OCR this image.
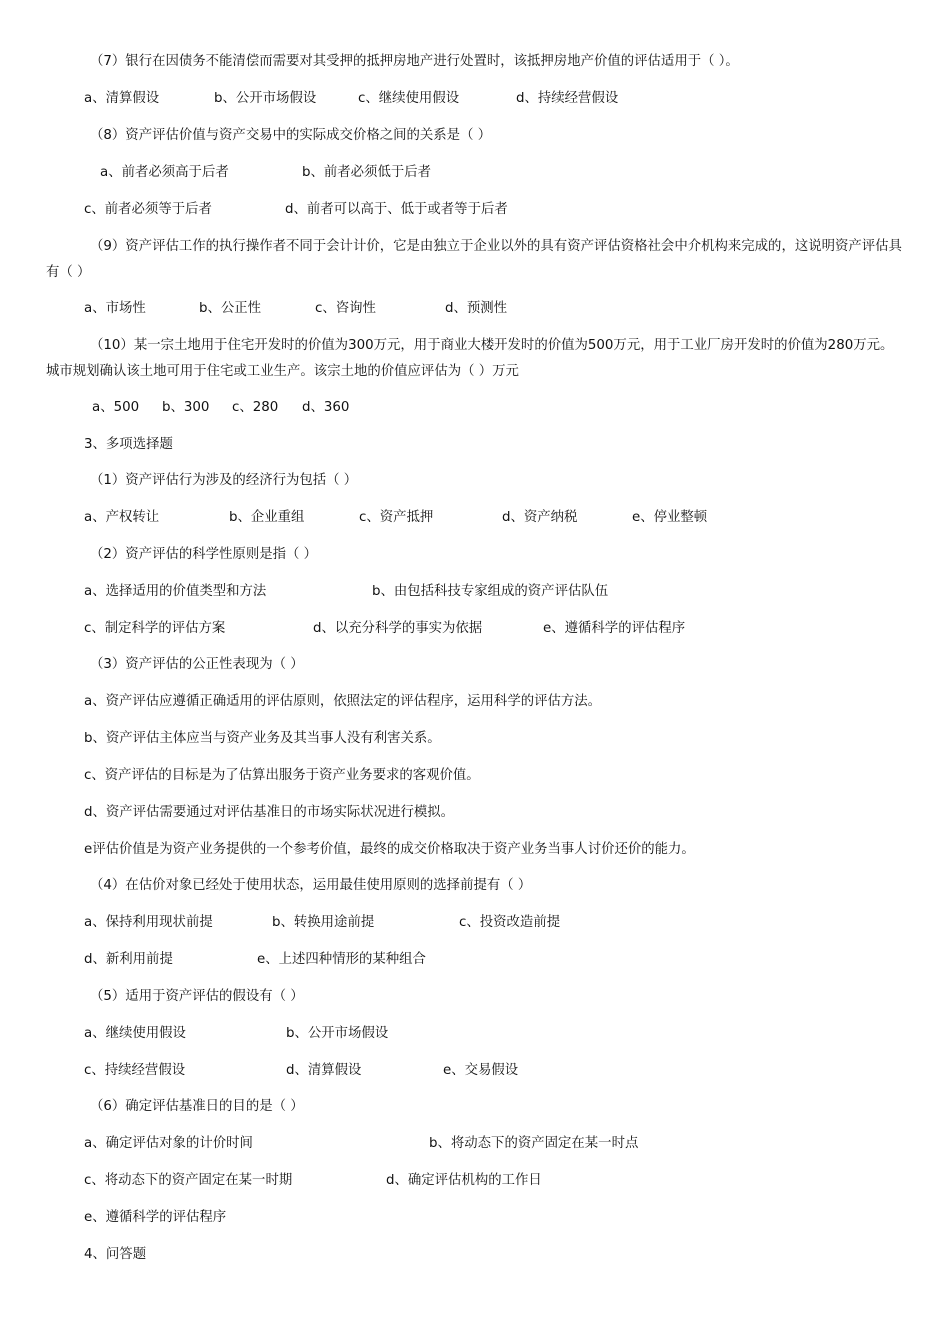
（7）银行在因债务不能清偿而需要对其受押的抵押房地产进行处置时，该抵押房地产价值的评估适用于（ ）。
a、清算假设	b、公开市场假设	c、继续使用假设	d、持续经营假设
（8）资产评估价值与资产交易中的实际成交价格之间的关系是（ ）
a、前者必须高于后者	b、前者必须低于后者
c、前者必须等于后者	d、前者可以高于、低于或者等于后者
（9）资产评估工作的执行操作者不同于会计计价，它是由独立于企业以外的具有资产评估资格社会中介机构来完成的，这说明资产评估具有（ ）
a、市场性	b、公正性	c、咨询性	d、预测性
（10）某一宗土地用于住宅开发时的价值为300万元，用于商业大楼开发时的价值为500万元，用于工业厂房开发时的价值为280万元。城市规划确认该土地可用于住宅或工业生产。该宗土地的价值应评估为（ ）万元
a、500 b、300 c、280 d、360
3、多项选择题
（1）资产评估行为涉及的经济行为包括（ ）
a、产权转让	b、企业重组	c、资产抵押	d、资产纳税	e、停业整顿
（2）资产评估的科学性原则是指（ ）
a、选择适用的价值类型和方法	b、由包括科技专家组成的资产评估队伍
c、制定科学的评估方案	d、以充分科学的事实为依据	e、遵循科学的评估程序
（3）资产评估的公正性表现为（ ）
a、资产评估应遵循正确适用的评估原则，依照法定的评估程序，运用科学的评估方法。
b、资产评估主体应当与资产业务及其当事人没有利害关系。
c、资产评估的目标是为了估算出服务于资产业务要求的客观价值。
d、资产评估需要通过对评估基准日的市场实际状况进行模拟。
e评估价值是为资产业务提供的一个参考价值，最终的成交价格取决于资产业务当事人讨价还价的能力。
（4）在估价对象已经处于使用状态，运用最佳使用原则的选择前提有（ ）
a、保持利用现状前提	b、转换用途前提	c、投资改造前提
d、新利用前提	e、上述四种情形的某种组合
（5）适用于资产评估的假设有（ ）
a、继续使用假设	b、公开市场假设
c、持续经营假设	d、清算假设	e、交易假设
（6）确定评估基准日的目的是（ ）
a、确定评估对象的计价时间	b、将动态下的资产固定在某一时点
c、将动态下的资产固定在某一时期	d、确定评估机构的工作日
e、遵循科学的评估程序
4、问答题
